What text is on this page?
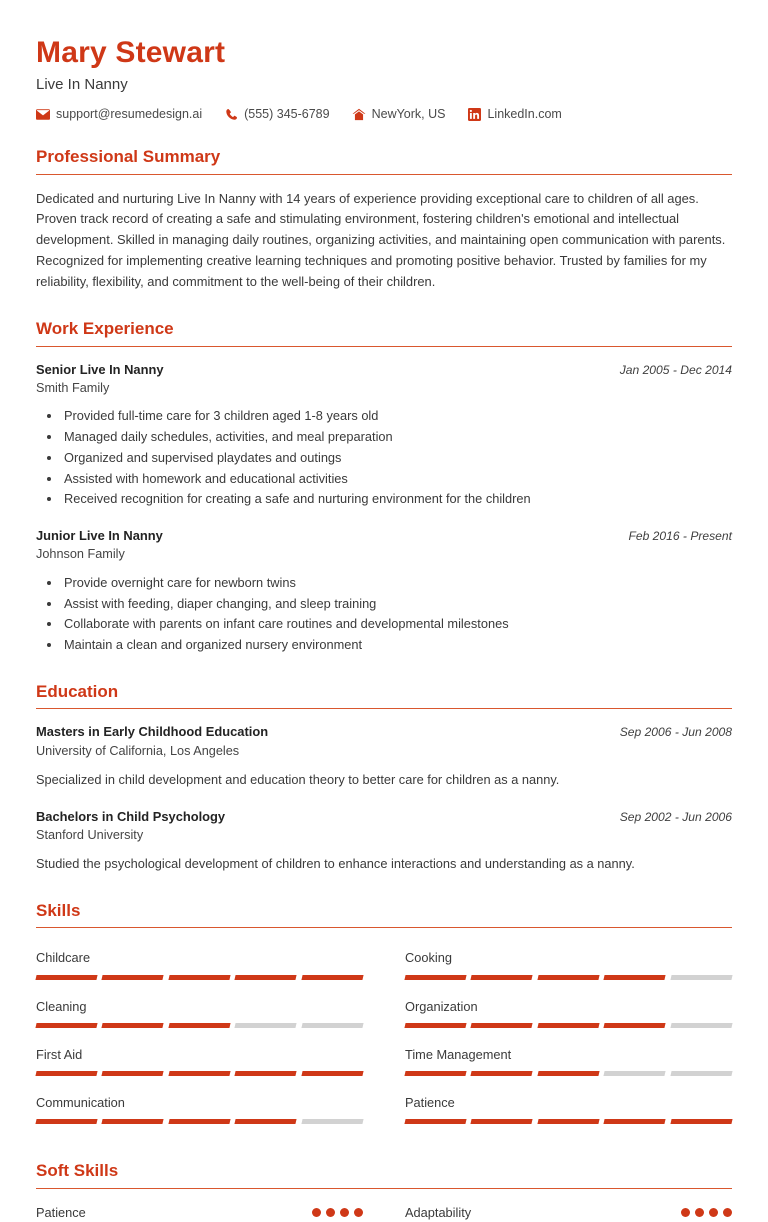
Mary Stewart
Live In Nanny
support@resumedesign.ai	(555) 345-6789	NewYork, US	LinkedIn.com
Professional Summary

Dedicated and nurturing Live In Nanny with 14 years of experience providing exceptional care to children of all ages. Proven track record of creating a safe and stimulating environment, fostering children's emotional and intellectual development. Skilled in managing daily routines, organizing activities, and maintaining open communication with parents. Recognized for implementing creative learning techniques and promoting positive behavior. Trusted by families for my reliability, flexibility, and commitment to the well-being of their children.

Work Experience
Senior Live In Nanny	Jan 2005 - Dec 2014
Smith Family
• Provided full-time care for 3 children aged 1-8 years old
• Managed daily schedules, activities, and meal preparation
• Organized and supervised playdates and outings
• Assisted with homework and educational activities
• Received recognition for creating a safe and nurturing environment for the children
Junior Live In Nanny	Feb 2016 - Present
Johnson Family
• Provide overnight care for newborn twins
• Assist with feeding, diaper changing, and sleep training
• Collaborate with parents on infant care routines and developmental milestones
• Maintain a clean and organized nursery environment
Education
Masters in Early Childhood Education	Sep 2006 - Jun 2008
University of California, Los Angeles
Specialized in child development and education theory to better care for children as a nanny.
Bachelors in Child Psychology	Sep 2002 - Jun 2006
Stanford University
Studied the psychological development of children to enhance interactions and understanding as a nanny.
Skills
Childcare	Cooking
Cleaning	Organization
First Aid	Time Management
Communication	Patience
Soft Skills
Patience	Adaptability
